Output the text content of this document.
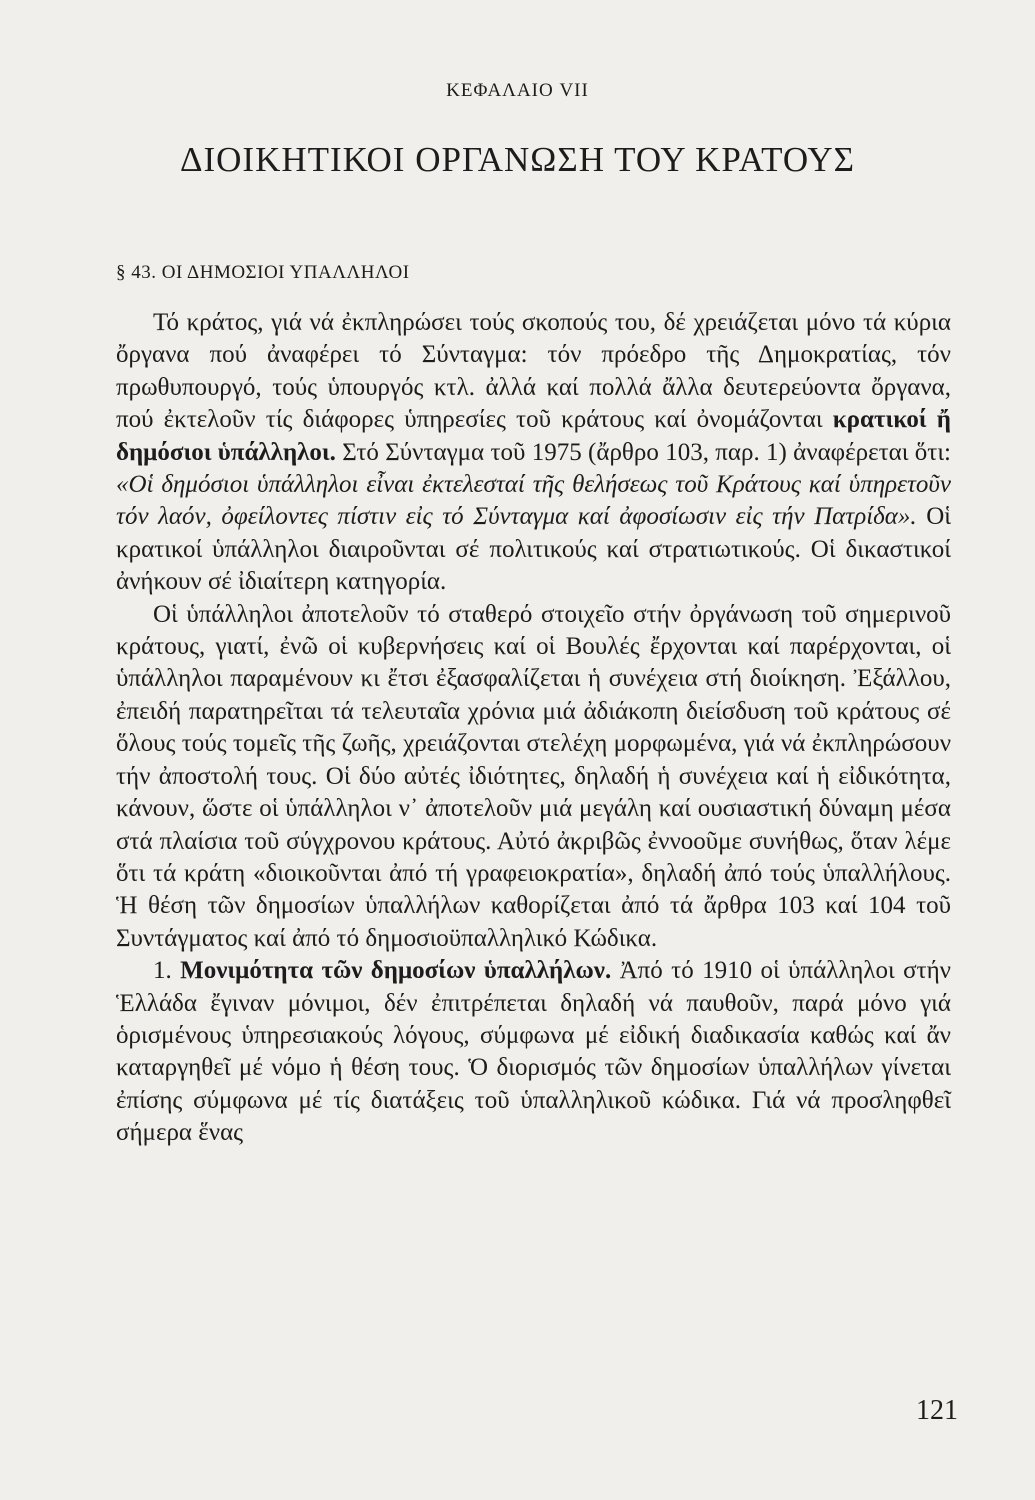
ΚΕΦΑΛΑΙΟ VII
ΔΙΟΙΚΗΤΙΚΟΙ ΟΡΓΑΝΩΣΗ ΤΟΥ ΚΡΑΤΟΥΣ
§ 43. ΟΙ ΔΗΜΟΣΙΟΙ ΥΠΑΛΛΗΛΟΙ

Τό κράτος, γιά νά ἐκπληρώσει τούς σκοπούς του, δέ χρειάζεται μόνο τά κύρια ὄργανα πού ἀναφέρει τό Σύνταγμα: τόν πρόεδρο τῆς Δημοκρατίας, τόν πρωθυπουργό, τούς ὑπουργός κτλ. ἀλλά καί πολλά ἄλλα δευτερεύοντα ὄργανα, πού ἐκτελοῦν τίς διάφορες ὑπηρεσίες τοῦ κράτους καί ὀνομάζονται κρατικοί ἤ δημόσιοι ὑπάλληλοι. Στό Σύνταγμα τοῦ 1975 (ἄρθρο 103, παρ. 1) ἀναφέρεται ὅτι: «Οἱ δημόσιοι ὑπάλληλοι εἶναι ἐκτελεσταί τῆς θελήσεως τοῦ Κράτους καί ὑπηρετοῦν τόν λαόν, ὀφείλοντες πίστιν εἰς τό Σύνταγμα καί ἀφοσίωσιν εἰς τήν Πατρίδα». Οἱ κρατικοί ὑπάλληλοι διαιροῦνται σέ πολιτικούς καί στρατιωτικούς. Οἱ δικαστικοί ἀνήκουν σέ ἰδιαίτερη κατηγορία.

Οἱ ὑπάλληλοι ἀποτελοῦν τό σταθερό στοιχεῖο στήν ὀργάνωση τοῦ σημερινοῦ κράτους, γιατί, ἐνῶ οἱ κυβερνήσεις καί οἱ Βουλές ἔρχονται καί παρέρχονται, οἱ ὑπάλληλοι παραμένουν κι ἔτσι ἐξασφαλίζεται ἡ συνέχεια στή διοίκηση. Ἐξάλλου, ἐπειδή παρατηρεῖται τά τελευταῖα χρόνια μιά ἀδιάκοπη διείσδυση τοῦ κράτους σέ ὅλους τούς τομεῖς τῆς ζωῆς, χρειάζονται στελέχη μορφωμένα, γιά νά ἐκπληρώσουν τήν ἀποστολή τους. Οἱ δύο αὐτές ἰδιότητες, δηλαδή ἡ συνέχεια καί ἡ εἰδικότητα, κάνουν, ὥστε οἱ ὑπάλληλοι ν᾽ ἀποτελοῦν μιά μεγάλη καί ουσιαστική δύναμη μέσα στά πλαίσια τοῦ σύγχρονου κράτους. Αὐτό ἀκριβῶς ἐννοοῦμε συνήθως, ὅταν λέμε ὅτι τά κράτη «διοικοῦνται ἀπό τή γραφειοκρατία», δηλαδή ἀπό τούς ὑπαλλήλους. Ἡ θέση τῶν δημοσίων ὑπαλλήλων καθορίζεται ἀπό τά ἄρθρα 103 καί 104 τοῦ Συντάγματος καί ἀπό τό δημοσιοϋπαλληλικό Κώδικα.

1. Μονιμότητα τῶν δημοσίων ὑπαλλήλων. Ἀπό τό 1910 οἱ ὑπάλληλοι στήν Ἑλλάδα ἔγιναν μόνιμοι, δέν ἐπιτρέπεται δηλαδή νά παυθοῦν, παρά μόνο γιά ὁρισμένους ὑπηρεσιακούς λόγους, σύμφωνα μέ εἰδική διαδικασία καθώς καί ἄν καταργηθεῖ μέ νόμο ἡ θέση τους. Ὁ διορισμός τῶν δημοσίων ὑπαλλήλων γίνεται ἐπίσης σύμφωνα μέ τίς διατάξεις τοῦ ὑπαλληλικοῦ κώδικα. Γιά νά προσληφθεῖ σήμερα ἕνας

121
